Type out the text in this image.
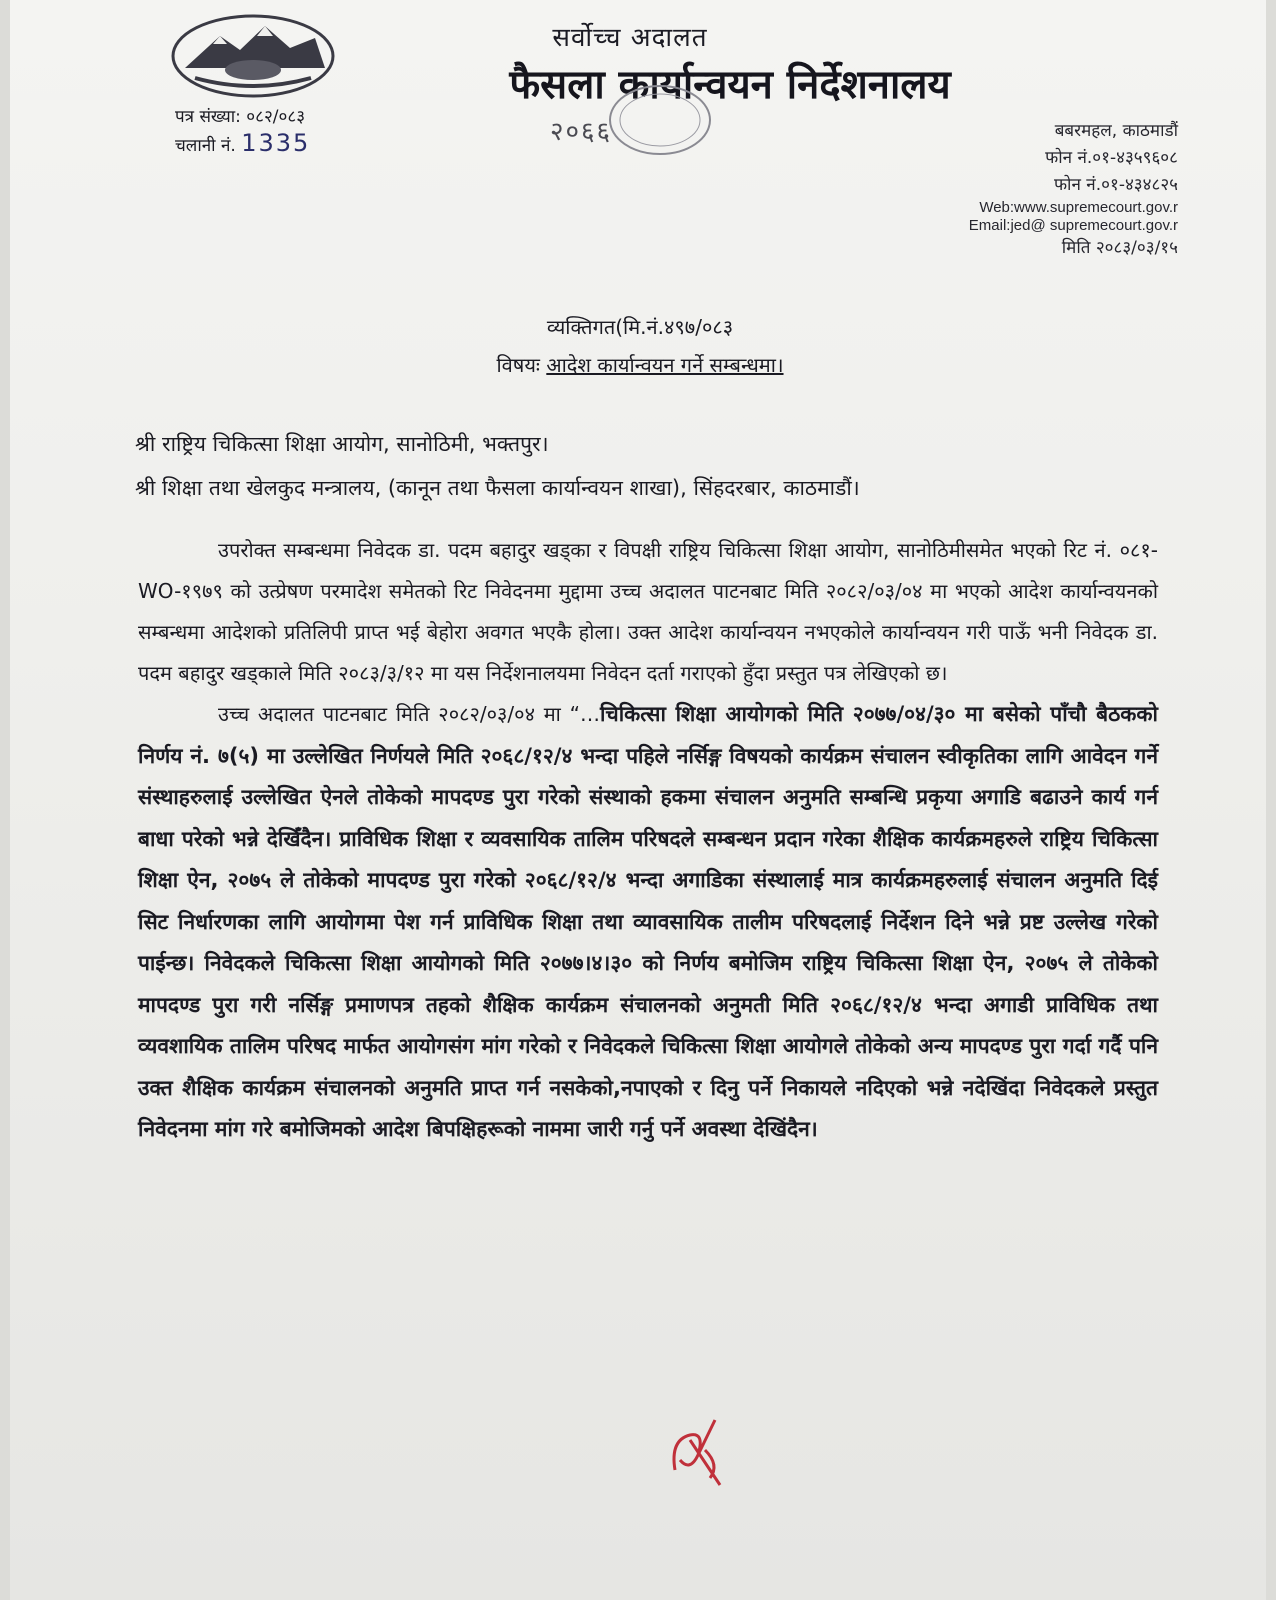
सर्वोच्च अदालत
फैसला कार्यान्वयन निर्देशनालय
पत्र संख्या: ०८२/०८३
चलानी नं. 1335	२०६६	बबरमहल, काठमाडौं
फोन नं.०१-४३५९६०८
फोन नं.०१-४३४८२५
Web:www.supremecourt.gov.r
Email:jed@ supremecourt.gov.r
मिति २०८३/०३/१५
व्यक्तिगत(मि.नं.४९७/०८३
विषयः आदेश कार्यान्वयन गर्ने सम्बन्धमा।
श्री राष्ट्रिय चिकित्सा शिक्षा आयोग, सानोठिमी, भक्तपुर।
श्री शिक्षा तथा खेलकुद मन्त्रालय, (कानून तथा फैसला कार्यान्वयन शाखा), सिंहदरबार, काठमाडौं।

उपरोक्त सम्बन्धमा निवेदक डा. पदम बहादुर खड्का र विपक्षी राष्ट्रिय चिकित्सा शिक्षा आयोग, सानोठिमीसमेत भएको रिट नं. ०८१-WO-१९७९ को उत्प्रेषण परमादेश समेतको रिट निवेदनमा मुद्दामा उच्च अदालत पाटनबाट मिति २०८२/०३/०४ मा भएको आदेश कार्यान्वयनको सम्बन्धमा आदेशको प्रतिलिपी प्राप्त भई बेहोरा अवगत भएकै होला। उक्त आदेश कार्यान्वयन नभएकोले कार्यान्वयन गरी पाऊँ भनी निवेदक डा. पदम बहादुर खड्काले मिति २०८३/३/१२ मा यस निर्देशनालयमा निवेदन दर्ता गराएको हुँदा प्रस्तुत पत्र लेखिएको छ।

उच्च अदालत पाटनबाट मिति २०८२/०३/०४ मा “…चिकित्सा शिक्षा आयोगको मिति २०७७/०४/३० मा बसेको पाँचौ बैठकको निर्णय नं. ७(५) मा उल्लेखित निर्णयले मिति २०६८/१२/४ भन्दा पहिले नर्सिङ्ग विषयको कार्यक्रम संचालन स्वीकृतिका लागि आवेदन गर्ने संस्थाहरुलाई उल्लेखित ऐनले तोकेको मापदण्ड पुरा गरेको संस्थाको हकमा संचालन अनुमति सम्बन्धि प्रकृया अगाडि बढाउने कार्य गर्न बाधा परेको भन्ने देखिँदैन। प्राविधिक शिक्षा र व्यवसायिक तालिम परिषदले सम्बन्धन प्रदान गरेका शैक्षिक कार्यक्रमहरुले राष्ट्रिय चिकित्सा शिक्षा ऐन, २०७५ ले तोकेको मापदण्ड पुरा गरेको २०६८/१२/४ भन्दा अगाडिका संस्थालाई मात्र कार्यक्रमहरुलाई संचालन अनुमति दिई सिट निर्धारणका लागि आयोगमा पेश गर्न प्राविधिक शिक्षा तथा व्यावसायिक तालीम परिषदलाई निर्देशन दिने भन्ने प्रष्ट उल्लेख गरेको पाईन्छ। निवेदकले चिकित्सा शिक्षा आयोगको मिति २०७७।४।३० को निर्णय बमोजिम राष्ट्रिय चिकित्सा शिक्षा ऐन, २०७५ ले तोकेको मापदण्ड पुरा गरी नर्सिङ्ग प्रमाणपत्र तहको शैक्षिक कार्यक्रम संचालनको अनुमती मिति २०६८/१२/४ भन्दा अगाडी प्राविधिक तथा व्यवशायिक तालिम परिषद मार्फत आयोगसंग मांग गरेको र निवेदकले चिकित्सा शिक्षा आयोगले तोकेको अन्य मापदण्ड पुरा गर्दा गर्दै पनि उक्त शैक्षिक कार्यक्रम संचालनको अनुमति प्राप्त गर्न नसकेको,नपाएको र दिनु पर्ने निकायले नदिएको भन्ने नदेखिंदा निवेदकले प्रस्तुत निवेदनमा मांग गरे बमोजिमको आदेश बिपक्षिहरूको नाममा जारी गर्नु पर्ने अवस्था देखिंदैन।
